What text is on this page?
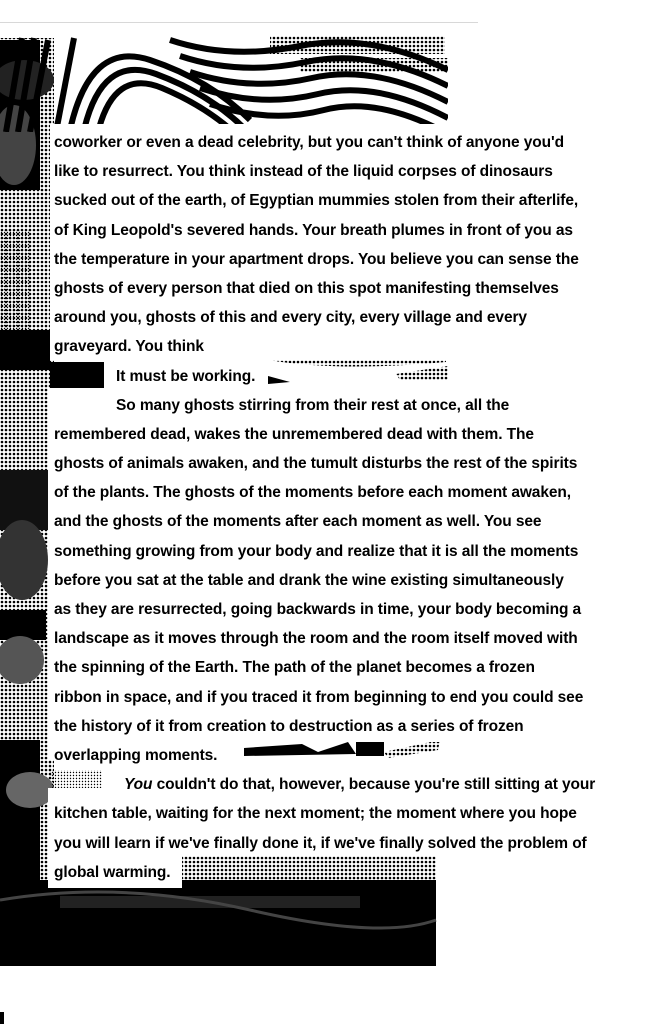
coworker or even a dead celebrity, but you can't think of anyone you'd
like to resurrect. You think instead of the liquid corpses of dinosaurs
sucked out of the earth, of Egyptian mummies stolen from their afterlife,
of King Leopold's severed hands. Your breath plumes in front of you as
the temperature in your apartment drops. You believe you can sense the
ghosts of every person that died on this spot manifesting themselves
around you, ghosts of this and every city, every village and every
graveyard. You think
It must be working.
So many ghosts stirring from their rest at once, all the
remembered dead, wakes the unremembered dead with them. The
ghosts of animals awaken, and the tumult disturbs the rest of the spirits
of the plants. The ghosts of the moments before each moment awaken,
and the ghosts of the moments after each moment as well. You see
something growing from your body and realize that it is all the moments
before you sat at the table and drank the wine existing simultaneously
as they are resurrected, going backwards in time, your body becoming a
landscape as it moves through the room and the room itself moved with
the spinning of the Earth. The path of the planet becomes a frozen
ribbon in space, and if you traced it from beginning to end you could see
the history of it from creation to destruction as a series of frozen
overlapping moments.
You couldn't do that, however, because you're still sitting at your
kitchen table, waiting for the next moment; the moment where you hope
you will learn if we've finally done it, if we've finally solved the problem of
global warming.
